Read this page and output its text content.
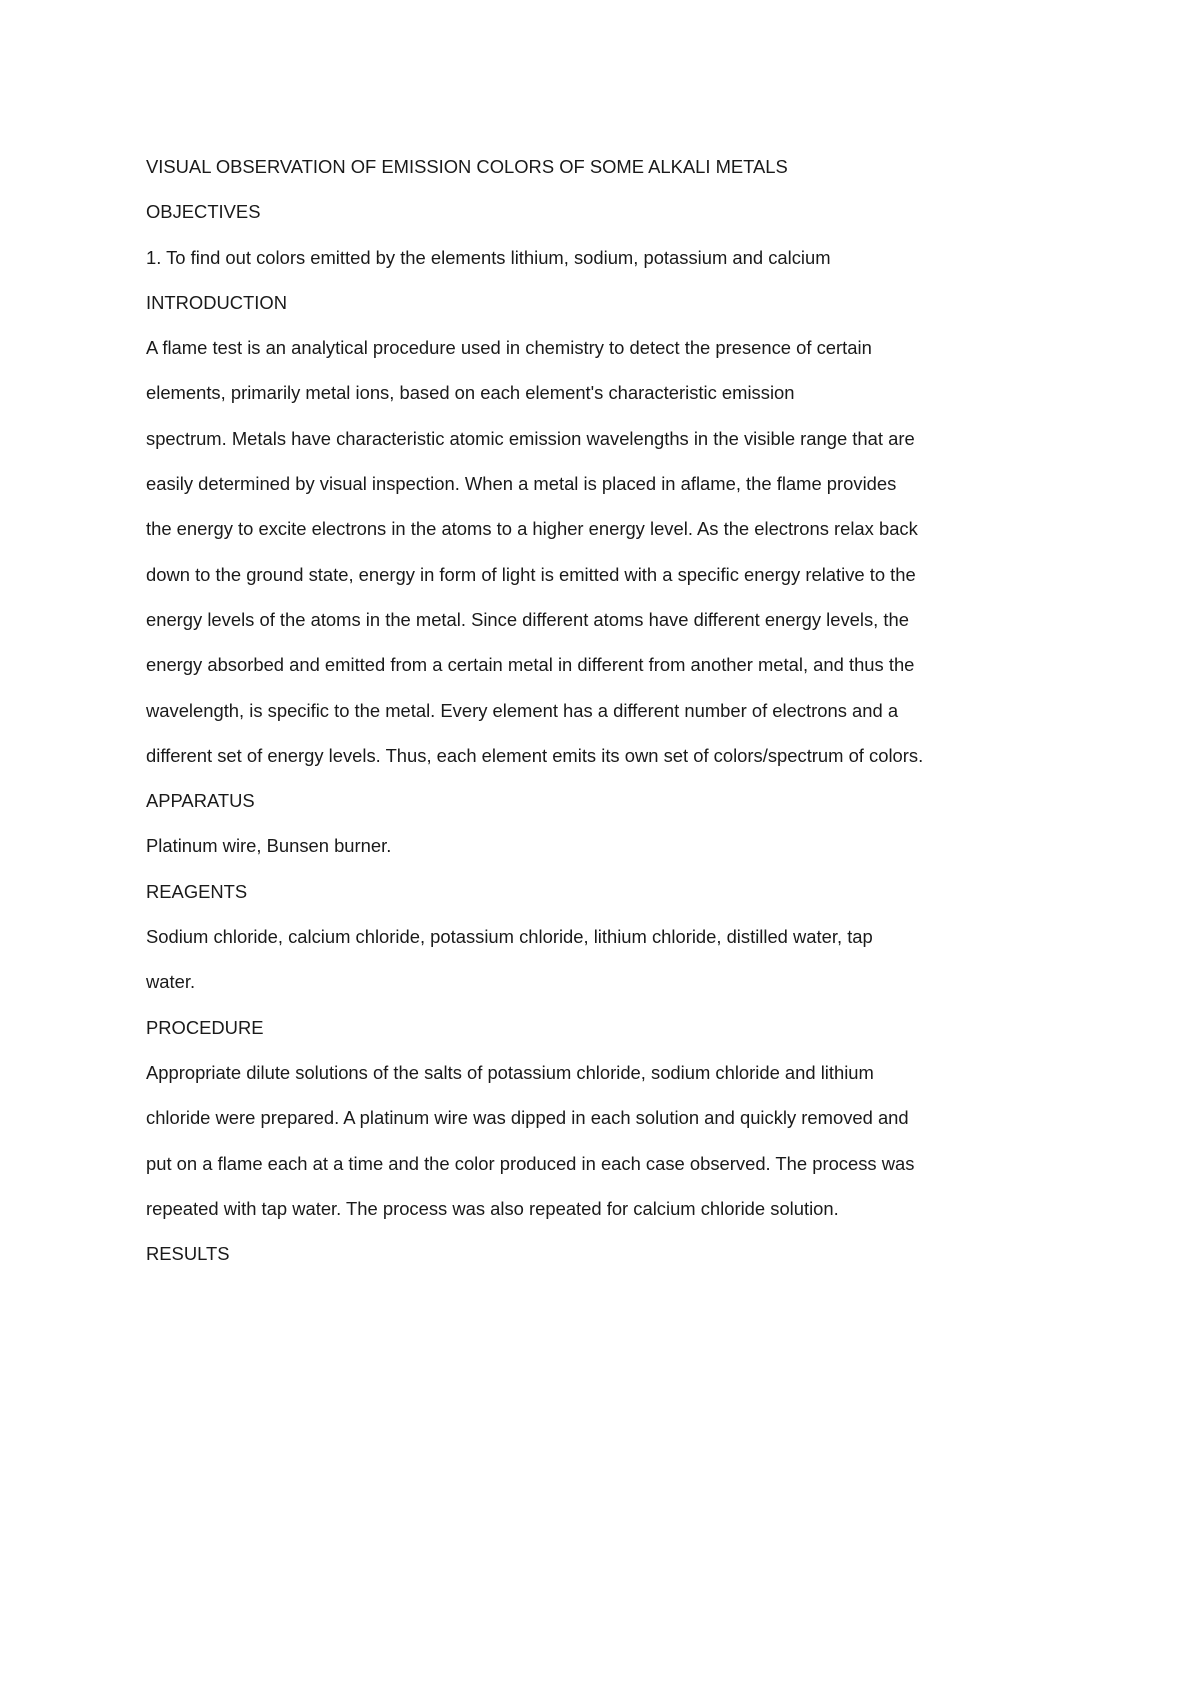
VISUAL OBSERVATION OF EMISSION COLORS OF SOME ALKALI METALS
OBJECTIVES
1. To find out colors emitted by the elements lithium, sodium, potassium and calcium
INTRODUCTION
A flame test is an analytical procedure used in chemistry to detect the presence of certain
elements, primarily metal ions, based on each element's characteristic emission
spectrum. Metals have characteristic atomic emission wavelengths in the visible range that are
easily determined by visual inspection. When a metal is placed in aflame, the flame provides
the energy to excite electrons in the atoms to a higher energy level. As the electrons relax back
down to the ground state, energy in form of light is emitted with a specific energy relative to the
energy levels of the atoms in the metal. Since different atoms have different energy levels, the
energy absorbed and emitted from a certain metal in different from another metal, and thus the
wavelength, is specific to the metal. Every element has a different number of electrons and a
different set of energy levels. Thus, each element emits its own set of colors/spectrum of colors.
APPARATUS
Platinum wire, Bunsen burner.
REAGENTS
Sodium chloride, calcium chloride, potassium chloride, lithium chloride, distilled water, tap
water.
PROCEDURE
Appropriate dilute solutions of the salts of potassium chloride, sodium chloride and lithium
chloride were prepared. A platinum wire was dipped in each solution and quickly removed and
put on a flame each at a time and the color produced in each case observed. The process was
repeated with tap water. The process was also repeated for calcium chloride solution.
RESULTS
